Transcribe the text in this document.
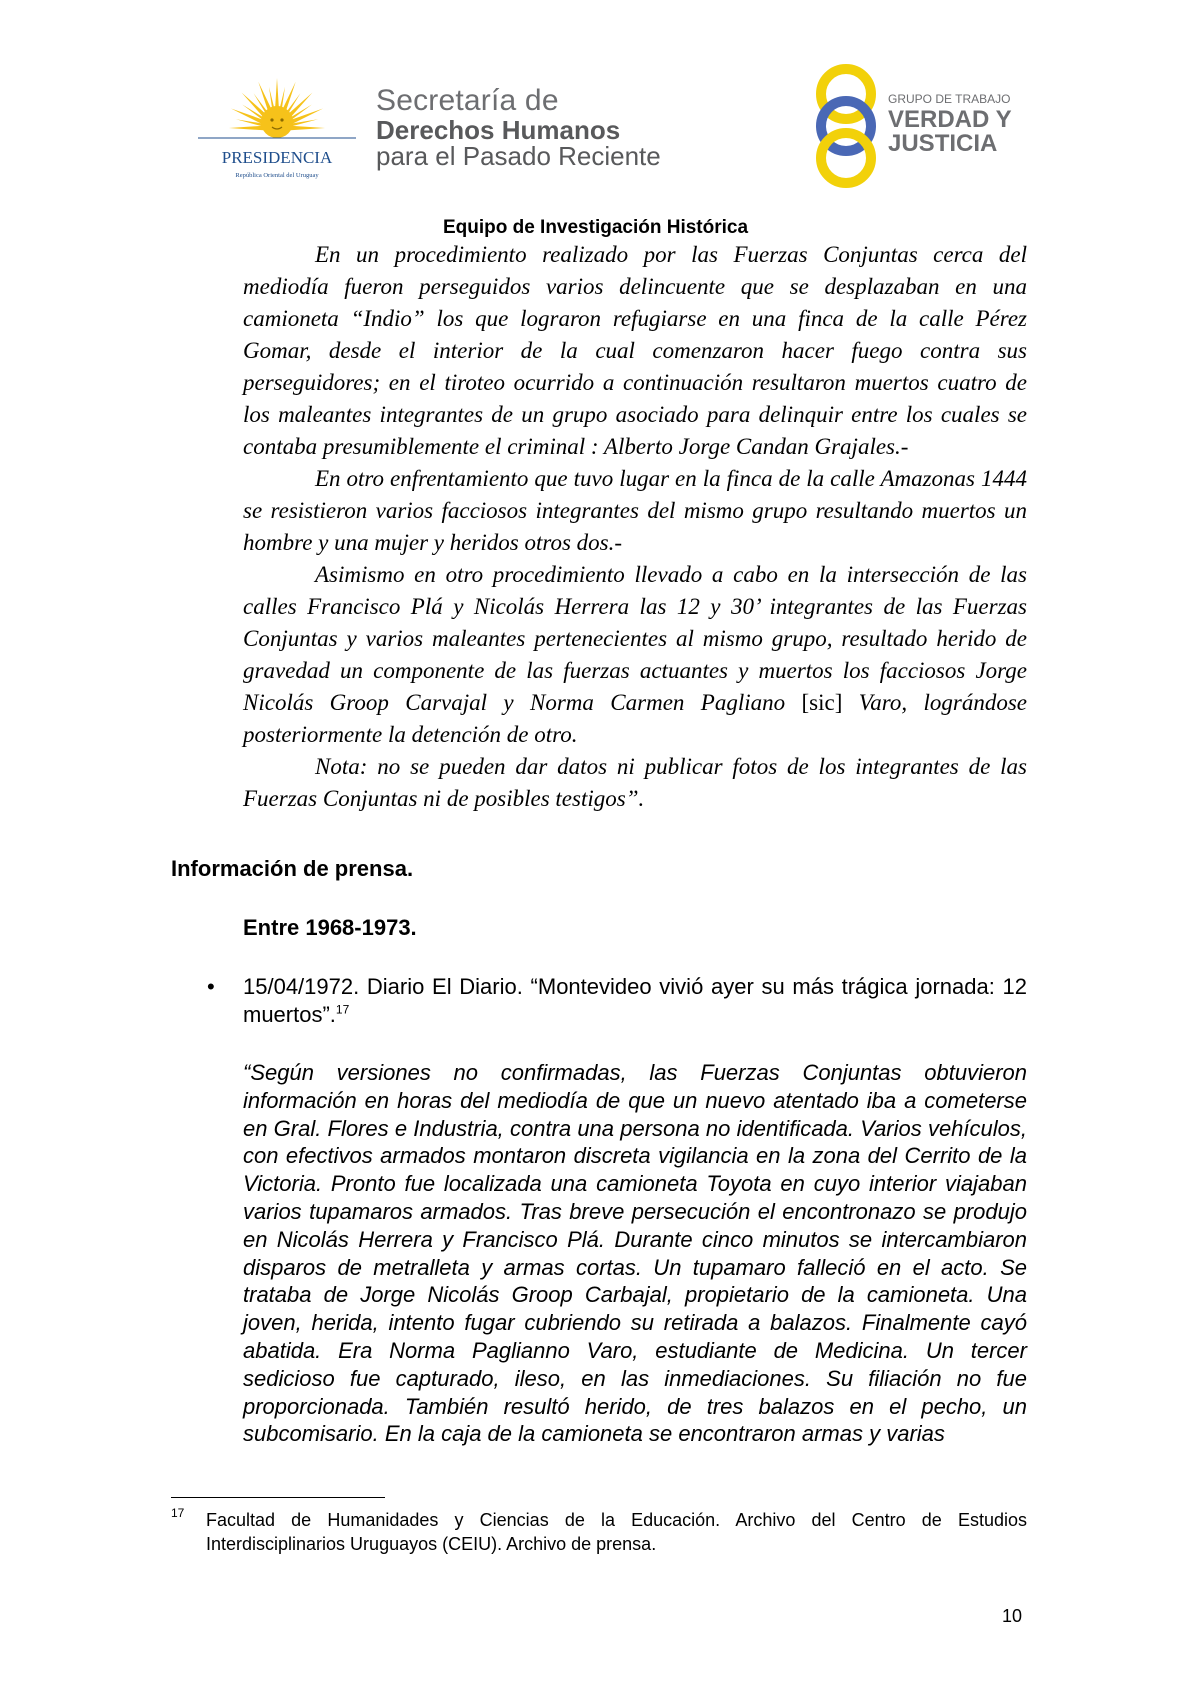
PRESIDENCIA
República Oriental del Uruguay
Secretaría de
Derechos Humanos
para el Pasado Reciente
GRUPO DE TRABAJO
VERDAD Y
JUSTICIA
Equipo de Investigación Histórica

En un procedimiento realizado por las Fuerzas Conjuntas cerca del mediodía fueron perseguidos varios delincuente que se desplazaban en una camioneta “Indio” los que lograron refugiarse en una finca de la calle Pérez Gomar, desde el interior de la cual comenzaron hacer fuego contra sus perseguidores; en el tiroteo ocurrido a continuación resultaron muertos cuatro de los maleantes integrantes de un grupo asociado para delinquir entre los cuales se contaba presumiblemente el criminal : Alberto Jorge Candan Grajales.-

En otro enfrentamiento que tuvo lugar en la finca de la calle Amazonas 1444 se resistieron varios facciosos integrantes del mismo grupo resultando muertos un hombre y una mujer y heridos otros dos.-

Asimismo en otro procedimiento llevado a cabo en la intersección de las calles Francisco Plá y Nicolás Herrera las 12 y 30’ integrantes de las Fuerzas Conjuntas y varios maleantes pertenecientes al mismo grupo, resultado herido de gravedad un componente de las fuerzas actuantes y muertos los facciosos Jorge Nicolás Groop Carvajal y Norma Carmen Pagliano [sic] Varo, lográndose posteriormente la detención de otro.

Nota: no se pueden dar datos ni publicar fotos de los integrantes de las Fuerzas Conjuntas ni de posibles testigos”.

Información de prensa.
Entre 1968-1973.
• 15/04/1972. Diario El Diario. “Montevideo vivió ayer su más trágica jornada: 12 muertos”.$^{17}$
“Según versiones no confirmadas, las Fuerzas Conjuntas obtuvieron información en horas del mediodía de que un nuevo atentado iba a cometerse en Gral. Flores e Industria, contra una persona no identificada. Varios vehículos, con efectivos armados montaron discreta vigilancia en la zona del Cerrito de la Victoria. Pronto fue localizada una camioneta Toyota en cuyo interior viajaban varios tupamaros armados. Tras breve persecución el encontronazo se produjo en Nicolás Herrera y Francisco Plá. Durante cinco minutos se intercambiaron disparos de metralleta y armas cortas. Un tupamaro falleció en el acto. Se trataba de Jorge Nicolás Groop Carbajal, propietario de la camioneta. Una joven, herida, intento fugar cubriendo su retirada a balazos. Finalmente cayó abatida. Era Norma Paglianno Varo, estudiante de Medicina. Un tercer sedicioso fue capturado, ileso, en las inmediaciones. Su filiación no fue proporcionada. También resultó herido, de tres balazos en el pecho, un subcomisario. En la caja de la camioneta se encontraron armas y varias
17 Facultad de Humanidades y Ciencias de la Educación. Archivo del Centro de Estudios Interdisciplinarios Uruguayos (CEIU). Archivo de prensa.
10
